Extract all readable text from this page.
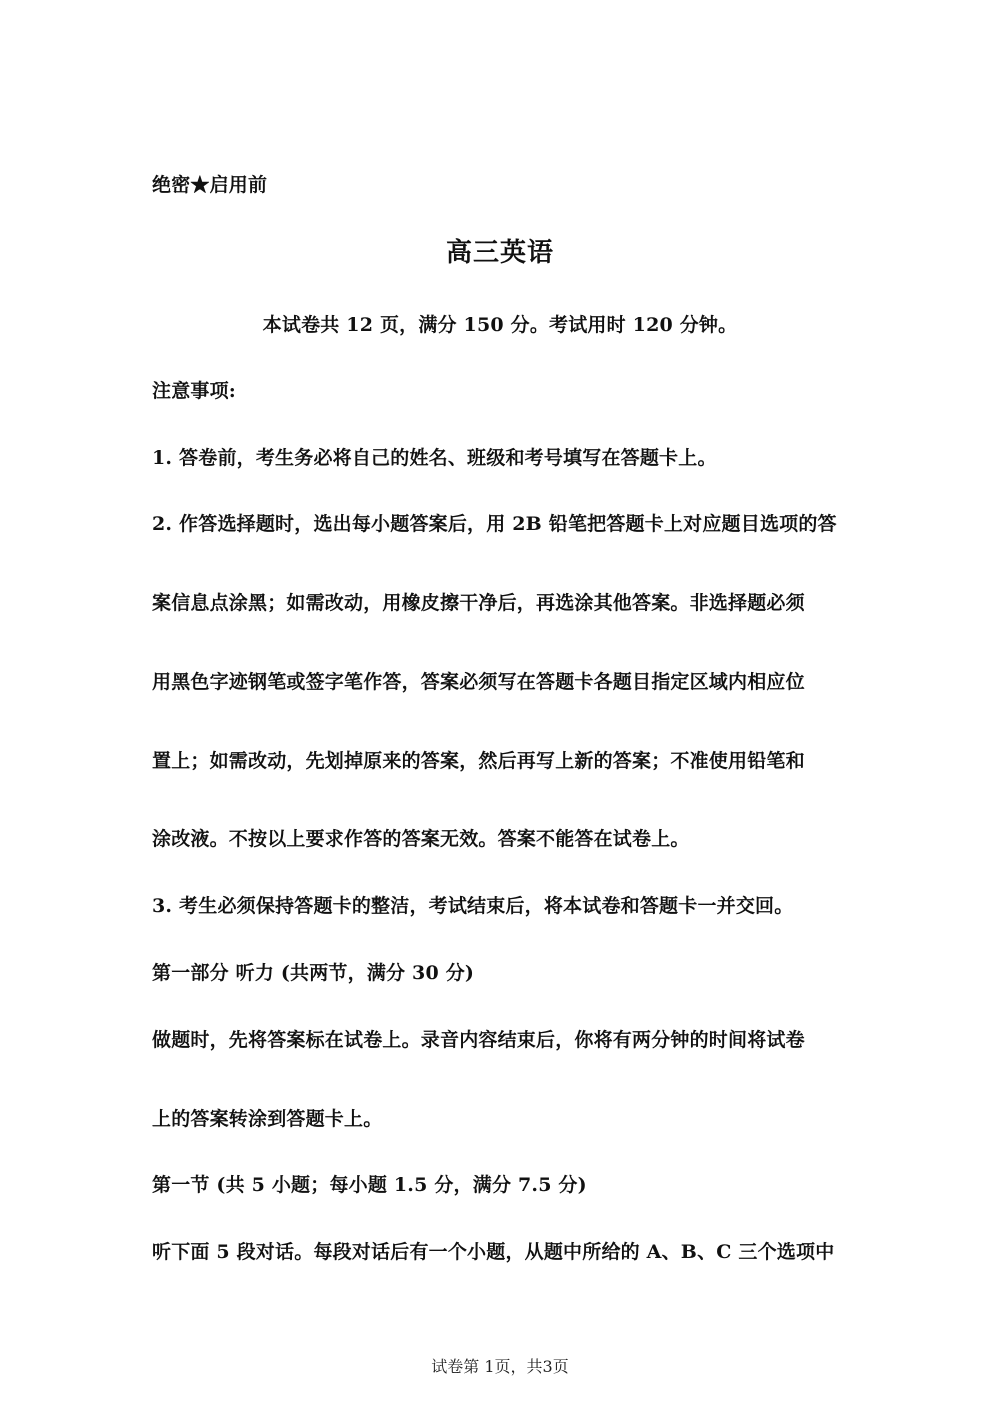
绝密★启用前
高三英语
本试卷共 12 页，满分 150 分。考试用时 120 分钟。
注意事项:
1. 答卷前，考生务必将自己的姓名、班级和考号填写在答题卡上。
2. 作答选择题时，选出每小题答案后，用 2B 铅笔把答题卡上对应题目选项的答
案信息点涂黑；如需改动，用橡皮擦干净后，再选涂其他答案。非选择题必须
用黑色字迹钢笔或签字笔作答，答案必须写在答题卡各题目指定区域内相应位
置上；如需改动，先划掉原来的答案，然后再写上新的答案；不准使用铅笔和
涂改液。不按以上要求作答的答案无效。答案不能答在试卷上。
3. 考生必须保持答题卡的整洁，考试结束后，将本试卷和答题卡一并交回。
第一部分 听力 (共两节，满分 30 分)
做题时，先将答案标在试卷上。录音内容结束后，你将有两分钟的时间将试卷
上的答案转涂到答题卡上。
第一节 (共 5 小题；每小题 1.5 分，满分 7.5 分)
听下面 5 段对话。每段对话后有一个小题，从题中所给的 A、B、C 三个选项中
试卷第 1页，共3页
